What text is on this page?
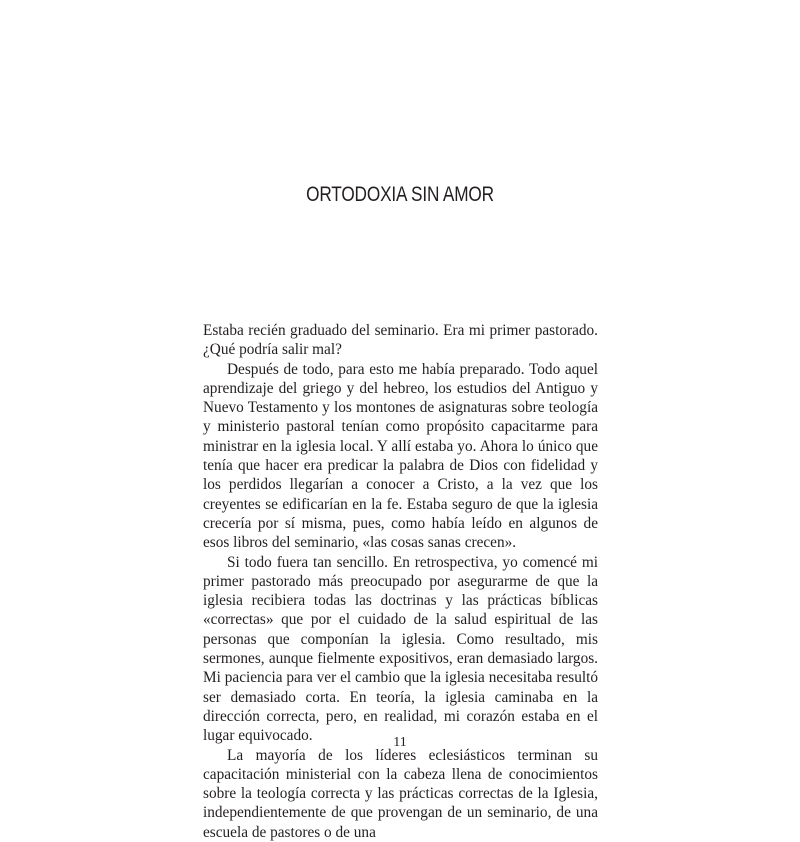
ORTODOXIA SIN AMOR

Estaba recién graduado del seminario. Era mi primer pastorado. ¿Qué podría salir mal?

Después de todo, para esto me había preparado. Todo aquel aprendizaje del griego y del hebreo, los estudios del Antiguo y Nuevo Testamento y los montones de asignaturas sobre teología y ministerio pastoral tenían como propósito capacitarme para ministrar en la iglesia local. Y allí estaba yo. Ahora lo único que tenía que hacer era predicar la palabra de Dios con fidelidad y los perdidos llegarían a conocer a Cristo, a la vez que los creyentes se edificarían en la fe. Estaba seguro de que la iglesia crecería por sí misma, pues, como había leído en algunos de esos libros del seminario, «las cosas sanas crecen».

Si todo fuera tan sencillo. En retrospectiva, yo comencé mi primer pastorado más preocupado por asegurarme de que la iglesia recibiera todas las doctrinas y las prácticas bíblicas «correctas» que por el cuidado de la salud espiritual de las personas que componían la iglesia. Como resultado, mis sermones, aunque fielmente expositivos, eran demasiado largos. Mi paciencia para ver el cambio que la iglesia necesitaba resultó ser demasiado corta. En teoría, la iglesia caminaba en la dirección correcta, pero, en realidad, mi corazón estaba en el lugar equivocado.

La mayoría de los líderes eclesiásticos terminan su capacitación ministerial con la cabeza llena de conocimientos sobre la teología correcta y las prácticas correctas de la Iglesia, independientemente de que provengan de un seminario, de una escuela de pastores o de una

11
